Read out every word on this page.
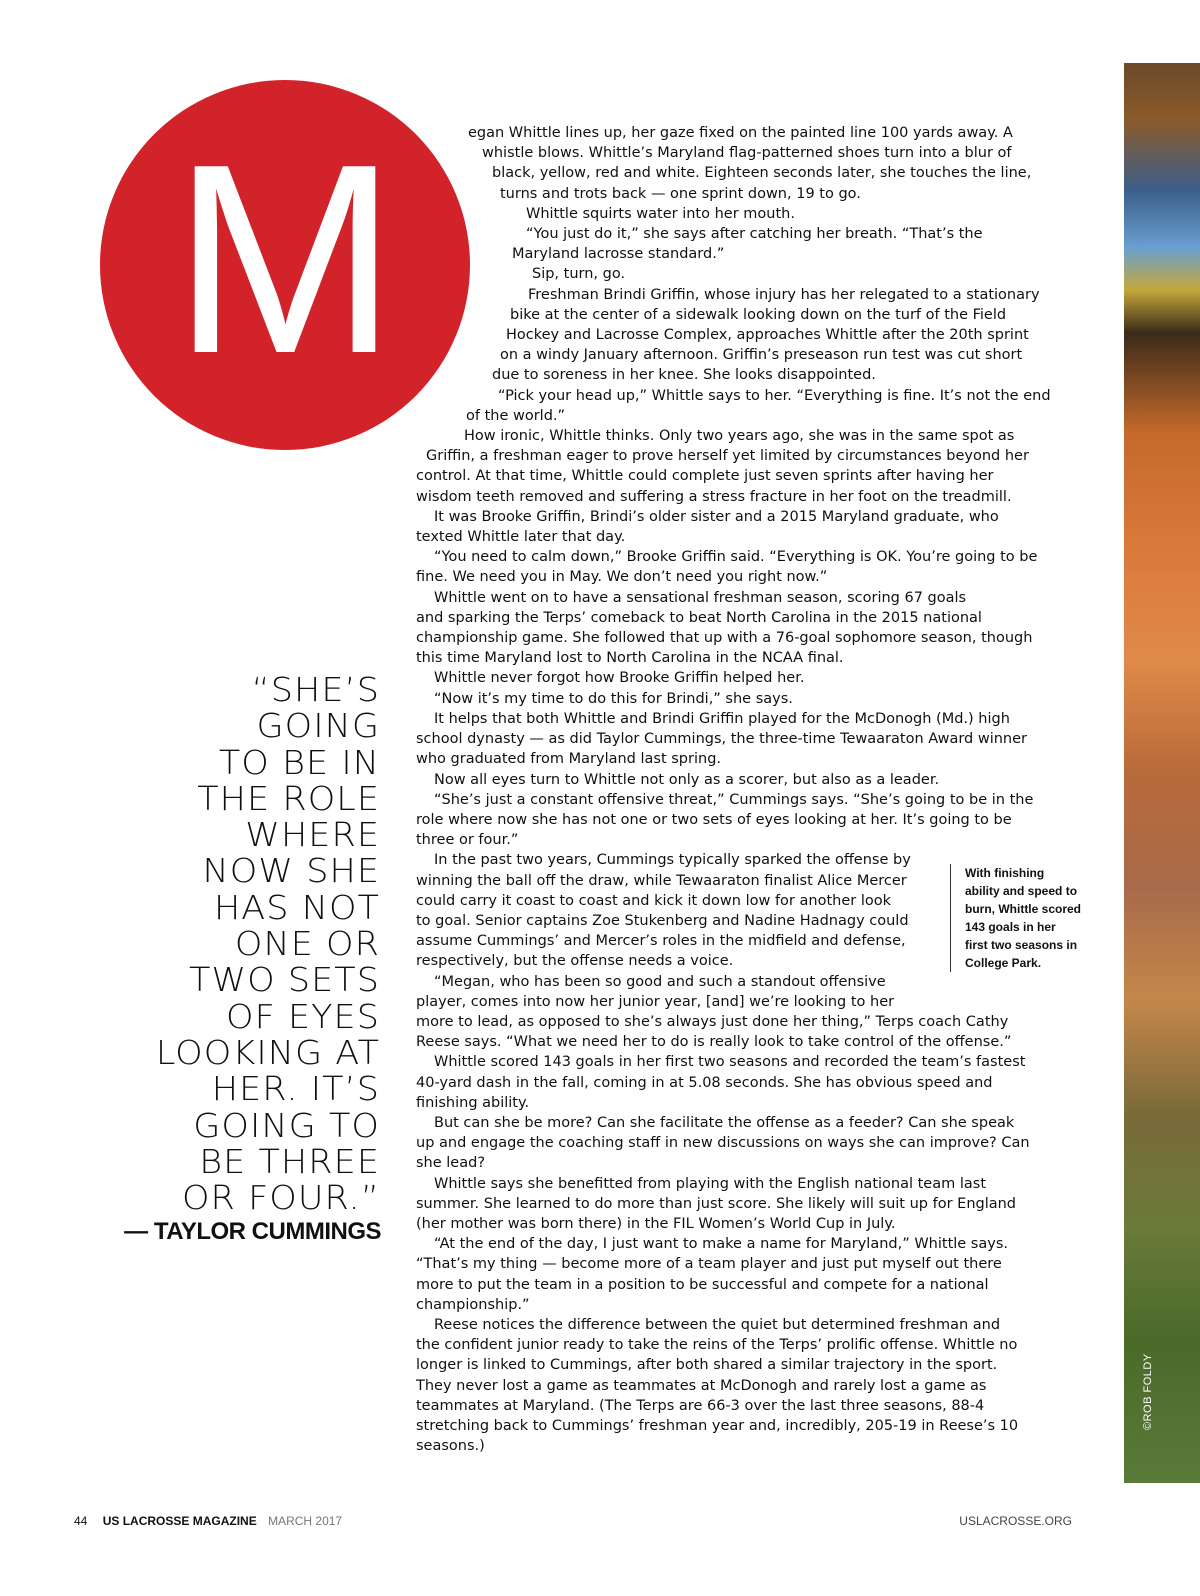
©ROB FOLDY
M	egan Whittle lines up, her gaze fixed on the painted line 100 yards away. A
whistle blows. Whittle’s Maryland flag-patterned shoes turn into a blur of
black, yellow, red and white. Eighteen seconds later, she touches the line,
turns and trots back — one sprint down, 19 to go.
Whittle squirts water into her mouth.
“You just do it,” she says after catching her breath. “That’s the
Maryland lacrosse standard.”
Sip, turn, go.
Freshman Brindi Griffin, whose injury has her relegated to a stationary
bike at the center of a sidewalk looking down on the turf of the Field
Hockey and Lacrosse Complex, approaches Whittle after the 20th sprint
on a windy January afternoon. Griffin’s preseason run test was cut short
due to soreness in her knee. She looks disappointed.
“Pick your head up,” Whittle says to her. “Everything is fine. It’s not the end
of the world.”
How ironic, Whittle thinks. Only two years ago, she was in the same spot as
Griffin, a freshman eager to prove herself yet limited by circumstances beyond her
control. At that time, Whittle could complete just seven sprints after having her
wisdom teeth removed and suffering a stress fracture in her foot on the treadmill.
It was Brooke Griffin, Brindi’s older sister and a 2015 Maryland graduate, who
texted Whittle later that day.
“You need to calm down,” Brooke Griffin said. “Everything is OK. You’re going to be
fine. We need you in May. We don’t need you right now.”
Whittle went on to have a sensational freshman season, scoring 67 goals
and sparking the Terps’ comeback to beat North Carolina in the 2015 national
championship game. She followed that up with a 76-goal sophomore season, though
this time Maryland lost to North Carolina in the NCAA final.
Whittle never forgot how Brooke Griffin helped her.
“Now it’s my time to do this for Brindi,” she says.
It helps that both Whittle and Brindi Griffin played for the McDonogh (Md.) high
school dynasty — as did Taylor Cummings, the three-time Tewaaraton Award winner
who graduated from Maryland last spring.
Now all eyes turn to Whittle not only as a scorer, but also as a leader.
“She’s just a constant offensive threat,” Cummings says. “She’s going to be in the
role where now she has not one or two sets of eyes looking at her. It’s going to be
three or four.”
In the past two years, Cummings typically sparked the offense by
winning the ball off the draw, while Tewaaraton finalist Alice Mercer
could carry it coast to coast and kick it down low for another look
to goal. Senior captains Zoe Stukenberg and Nadine Hadnagy could
assume Cummings’ and Mercer’s roles in the midfield and defense,
respectively, but the offense needs a voice.
“Megan, who has been so good and such a standout offensive
player, comes into now her junior year, [and] we’re looking to her
more to lead, as opposed to she’s always just done her thing,” Terps coach Cathy
Reese says. “What we need her to do is really look to take control of the offense.”
Whittle scored 143 goals in her first two seasons and recorded the team’s fastest
40-yard dash in the fall, coming in at 5.08 seconds. She has obvious speed and
finishing ability.
But can she be more? Can she facilitate the offense as a feeder? Can she speak
up and engage the coaching staff in new discussions on ways she can improve? Can
she lead?
Whittle says she benefitted from playing with the English national team last
summer. She learned to do more than just score. She likely will suit up for England
(her mother was born there) in the FIL Women’s World Cup in July.
“At the end of the day, I just want to make a name for Maryland,” Whittle says.
“That’s my thing — become more of a team player and just put myself out there
more to put the team in a position to be successful and compete for a national
championship.”
Reese notices the difference between the quiet but determined freshman and
the confident junior ready to take the reins of the Terps’ prolific offense. Whittle no
longer is linked to Cummings, after both shared a similar trajectory in the sport.
They never lost a game as teammates at McDonogh and rarely lost a game as
teammates at Maryland. (The Terps are 66-3 over the last three seasons, 88-4
stretching back to Cummings’ freshman year and, incredibly, 205-19 in Reese’s 10
seasons.)
“SHE’S
GOING
TO BE IN
THE ROLE
WHERE
NOW SHE
HAS NOT
ONE OR
TWO SETS
OF EYES
LOOKING AT
HER. IT’S
GOING TO
BE THREE
OR FOUR.”
— TAYLOR CUMMINGS
With finishing
ability and speed to
burn, Whittle scored
143 goals in her
first two seasons in
College Park.
44 US LACROSSE MAGAZINE MARCH 2017	USLACROSSE.ORG
